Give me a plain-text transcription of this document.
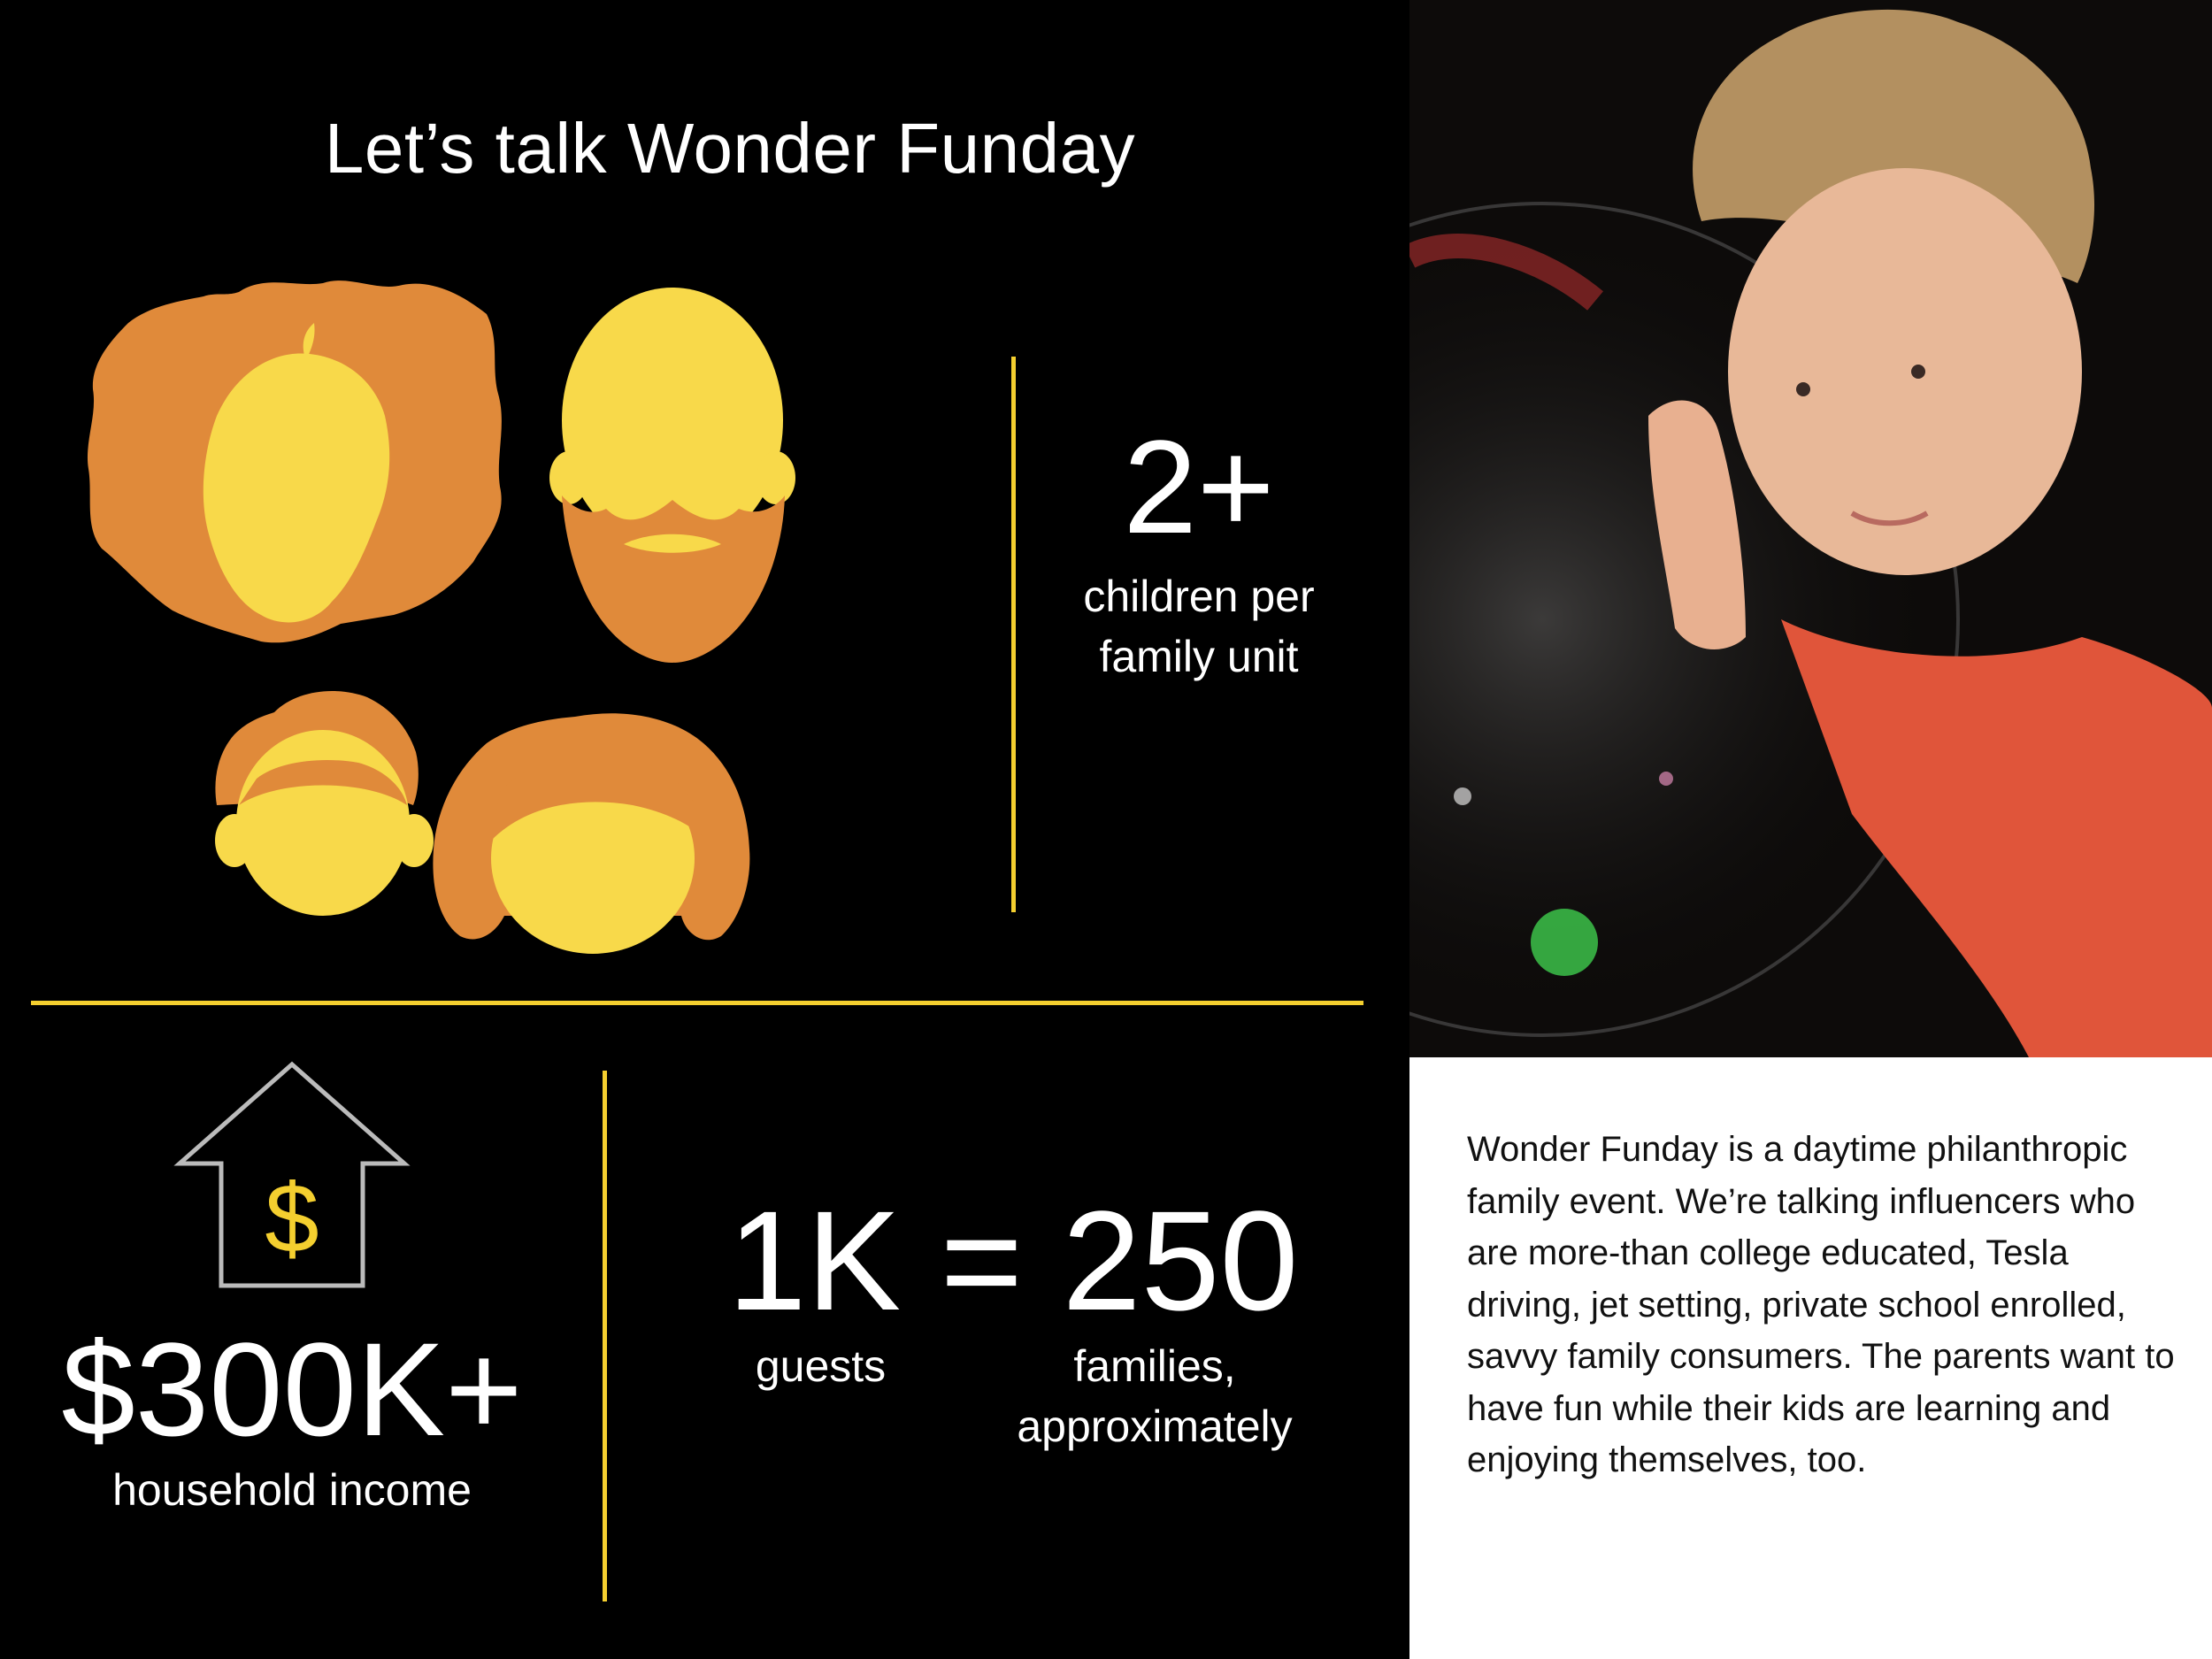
Let’s talk Wonder Funday
2+
children per
family unit
$
$300K+
household income
1K = 250
guests	families,
approximately
Wonder Funday is a daytime philanthropic family event. We’re talking influencers who are more-than college educated, Tesla driving, jet setting, private school enrolled, savvy family consumers. The parents want to have fun while their kids are learning and enjoying themselves, too.
